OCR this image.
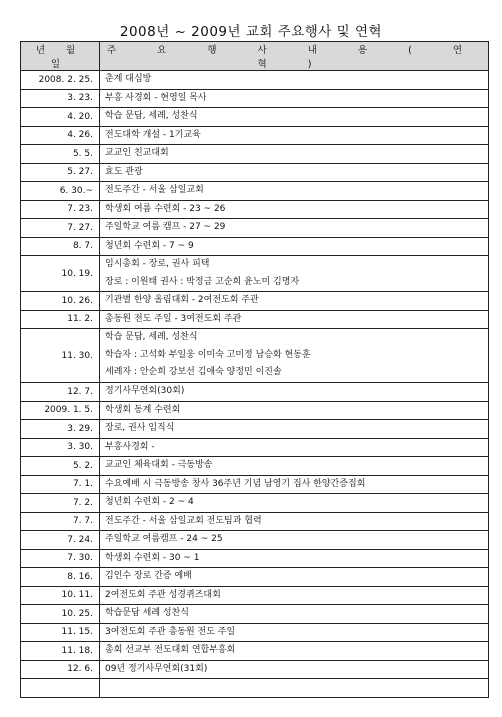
2008년 ~ 2009년 교회 주요행사 및 연혁
년 월 일	주 요 행 사 내 용 ( 연 혁 )
2008. 2. 25.	춘계 대심방

3. 23.	부흥 사경회 - 현영일 목사

4. 20.	학습 문답, 세례, 성찬식

4. 26.	전도대학 개설 - 1기교육

5. 5.	교교인 친교대회

5. 27.	효도 관광

6. 30.~	전도주간 - 서울 삼일교회

7. 23.	학생회 여름 수련회 - 23 ~ 26

7. 27.	주일학교 여름 캠프 - 27 ~ 29

8. 7.	청년회 수련회 - 7 ~ 9

10. 19.	임시총회 - 장로, 권사 피택
장로 : 이원태 권사 : 박정금 고순희 윤노미 김명자

10. 26.	기관별 한양 올림대회 - 2여전도회 주관

11. 2.	총동원 전도 주일 - 3여전도회 주관

11. 30.	학습 문답, 세례, 성찬식
학습자 : 고석화 부일웅 이미숙 고미정 남승화 현동훈
세례자 : 안순희 강보선 김애숙 양정민 이진솔

12. 7.	정기사무연회(30회)

2009. 1. 5.	학생회 동계 수련회

3. 29.	장로, 권사 임직식

3. 30.	부흥사경회 -

5. 2.	교교인 체육대회 - 극동방송

7. 1.	수요예배 시 극동방송 창사 36주년 기념 남영기 집사 한양간증집회

7. 2.	청년회 수련회 - 2 ~ 4

7. 7.	전도주간 - 서울 삼일교회 전도팀과 협력

7. 24.	주일학교 여름캠프 - 24 ~ 25

7. 30.	학생회 수련회 - 30 ~ 1

8. 16.	김인수 장로 간증 예배

10. 11.	2여전도회 주관 성경퀴즈대회

10. 25.	학습문답 세례 성찬식

11. 15.	3여전도회 주관 총동원 전도 주일

11. 18.	총회 선교부 전도대회 연합부흥회

12. 6.	09년 정기사무연회(31회)
